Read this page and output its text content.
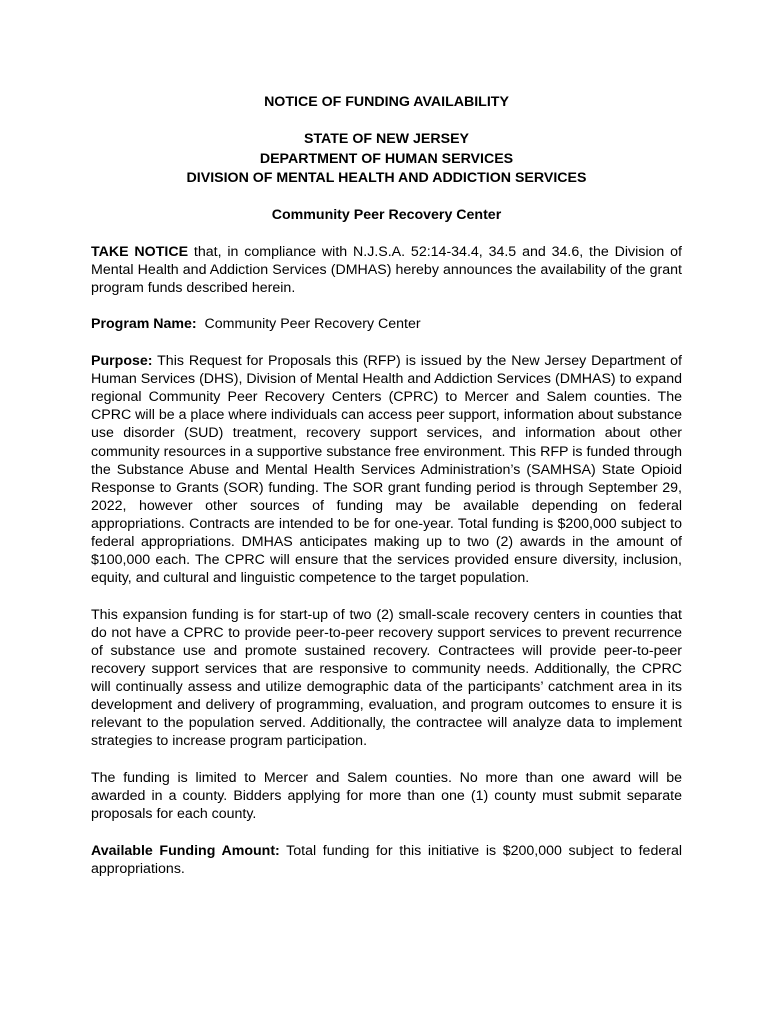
NOTICE OF FUNDING AVAILABILITY
STATE OF NEW JERSEY
DEPARTMENT OF HUMAN SERVICES
DIVISION OF MENTAL HEALTH AND ADDICTION SERVICES
Community Peer Recovery Center

TAKE NOTICE that, in compliance with N.J.S.A. 52:14-34.4, 34.5 and 34.6, the Division of Mental Health and Addiction Services (DMHAS) hereby announces the availability of the grant program funds described herein.

Program Name:  Community Peer Recovery Center

Purpose: This Request for Proposals this (RFP) is issued by the New Jersey Department of Human Services (DHS), Division of Mental Health and Addiction Services (DMHAS) to expand regional Community Peer Recovery Centers (CPRC) to Mercer and Salem counties. The CPRC will be a place where individuals can access peer support, information about substance use disorder (SUD) treatment, recovery support services, and information about other community resources in a supportive substance free environment. This RFP is funded through the Substance Abuse and Mental Health Services Administration’s (SAMHSA) State Opioid Response to Grants (SOR) funding. The SOR grant funding period is through September 29, 2022, however other sources of funding may be available depending on federal appropriations. Contracts are intended to be for one-year. Total funding is $200,000 subject to federal appropriations. DMHAS anticipates making up to two (2) awards in the amount of $100,000 each. The CPRC will ensure that the services provided ensure diversity, inclusion, equity, and cultural and linguistic competence to the target population.

This expansion funding is for start-up of two (2) small-scale recovery centers in counties that do not have a CPRC to provide peer-to-peer recovery support services to prevent recurrence of substance use and promote sustained recovery. Contractees will provide peer-to-peer recovery support services that are responsive to community needs. Additionally, the CPRC will continually assess and utilize demographic data of the participants’ catchment area in its development and delivery of programming, evaluation, and program outcomes to ensure it is relevant to the population served. Additionally, the contractee will analyze data to implement strategies to increase program participation.

The funding is limited to Mercer and Salem counties. No more than one award will be awarded in a county. Bidders applying for more than one (1) county must submit separate proposals for each county.

Available Funding Amount: Total funding for this initiative is $200,000 subject to federal appropriations.
